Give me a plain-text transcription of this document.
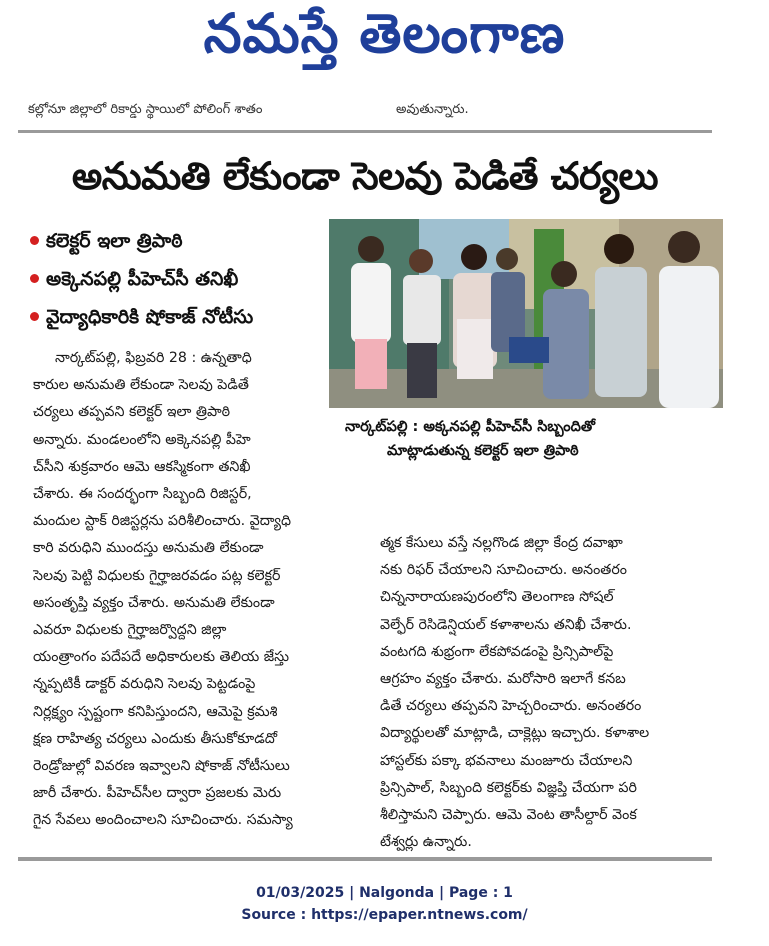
నమస్తే తెలంగాణ
కల్లోనూ జిల్లాలో రికార్డు స్థాయిలో పోలింగ్ శాతం	అవుతున్నారు.
అనుమతి లేకుండా సెలవు పెడితే చర్యలు
కలెక్టర్ ఇలా త్రిపాఠి
అక్కెనపల్లి పీహెచ్‌సీ తనిఖీ
వైద్యాధికారికి షోకాజ్ నోటీసు
నార్కట్‌పల్లి : అక్కనపల్లి పీహెచ్‌సీ సిబ్బందితో
మాట్లాడుతున్న కలెక్టర్ ఇలా త్రిపాఠి
నార్కట్‌పల్లి, ఫిబ్రవరి 28 : ఉన్నతాధి
కారుల అనుమతి లేకుండా సెలవు పెడితే
చర్యలు తప్పవని కలెక్టర్ ఇలా త్రిపాఠి
అన్నారు. మండలంలోని అక్కెనపల్లి పీహె
చ్‌సీని శుక్రవారం ఆమె ఆకస్మికంగా తనిఖీ
చేశారు. ఈ సందర్భంగా సిబ్బంది రిజిస్టర్,
మందుల స్టాక్ రిజిస్టర్లను పరిశీలించారు. వైద్యాధి
కారి వరుధిని ముందస్తు అనుమతి లేకుండా
సెలవు పెట్టి విధులకు గైర్హాజరవడం పట్ల కలెక్టర్
అసంతృప్తి వ్యక్తం చేశారు. అనుమతి లేకుండా
ఎవరూ విధులకు గైర్హాజర్వొద్దని జిల్లా
యంత్రాంగం పదేపదే అధికారులకు తెలియ జేస్తు
న్నప్పటికీ డాక్టర్ వరుధిని సెలవు పెట్టడంపై
నిర్లక్ష్యం స్పష్టంగా కనిపిస్తుందని, ఆమెపై క్రమశి
క్షణ రాహిత్య చర్యలు ఎందుకు తీసుకోకూడదో
రెండ్రోజుల్లో వివరణ ఇవ్వాలని షోకాజ్ నోటీసులు
జారీ చేశారు. పీహెచ్‌సీల ద్వారా ప్రజలకు మెరు
గైన సేవలు అందించాలని సూచించారు. సమస్యా
త్మక కేసులు వస్తే నల్లగొండ జిల్లా కేంద్ర దవాఖా
నకు రిఫర్ చేయాలని సూచించారు. అనంతరం
చిన్ననారాయణపురంలోని తెలంగాణ సోషల్
వెల్ఫేర్ రెసిడెన్షియల్ కళాశాలను తనిఖీ చేశారు.
వంటగది శుభ్రంగా లేకపోవడంపై ప్రిన్సిపాల్‌పై
ఆగ్రహం వ్యక్తం చేశారు. మరోసారి ఇలాగే కనబ
డితే చర్యలు తప్పవని హెచ్చరించారు. అనంతరం
విద్యార్థులతో మాట్లాడి, చాక్లెట్లు ఇచ్చారు. కళాశాల
హాస్టల్‌కు పక్కా భవనాలు మంజూరు చేయాలని
ప్రిన్సిపాల్, సిబ్బంది కలెక్టర్‌కు విజ్ఞప్తి చేయగా పరి
శీలిస్తామని చెప్పారు. ఆమె వెంట తాసీల్దార్ వెంక
టేశ్వర్లు ఉన్నారు.
01/03/2025 | Nalgonda | Page : 1
Source : https://epaper.ntnews.com/
